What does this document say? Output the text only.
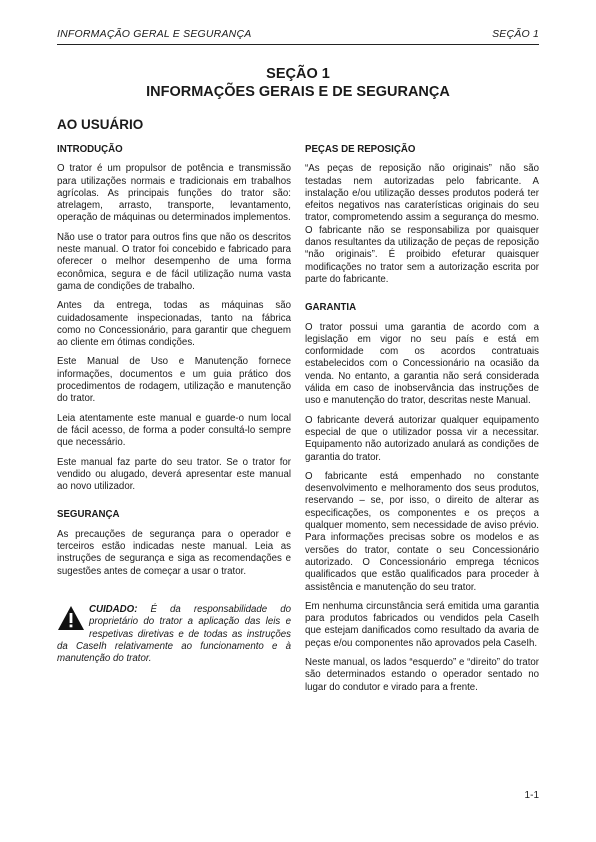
INFORMAÇÃO GERAL E SEGURANÇA	SEÇÃO 1
SEÇÃO 1
INFORMAÇÕES GERAIS E DE SEGURANÇA
AO USUÁRIO
INTRODUÇÃO

O trator é um propulsor de potência e transmissão para utilizações normais e tradicionais em trabalhos agrícolas. As principais funções do trator são: atrelagem, arrasto, transporte, levantamento, operação de máquinas ou determinados implementos.

Não use o trator para outros fins que não os descritos neste manual. O trator foi concebido e fabricado para oferecer o melhor desempenho de uma forma econômica, segura e de fácil utilização numa vasta gama de condições de trabalho.

Antes da entrega, todas as máquinas são cuidadosamente inspecionadas, tanto na fábrica como no Concessionário, para garantir que cheguem ao cliente em ótimas condições.

Este Manual de Uso e Manutenção fornece informações, documentos e um guia prático dos procedimentos de rodagem, utilização e manutenção do trator.

Leia atentamente este manual e guarde-o num local de fácil acesso, de forma a poder consultá-lo sempre que necessário.

Este manual faz parte do seu trator. Se o trator for vendido ou alugado, deverá apresentar este manual ao novo utilizador.

SEGURANÇA

As precauções de segurança para o operador e terceiros estão indicadas neste manual. Leia as instruções de segurança e siga as recomendações e sugestões antes de começar a usar o trator.

CUIDADO: É da responsabilidade do proprietário do trator a aplicação das leis e respetivas diretivas e de todas as instruções da CaseIh relativamente ao funcionamento e à manutenção do trator.
PEÇAS DE REPOSIÇÃO

“As peças de reposição não originais” não são testadas nem autorizadas pelo fabricante. A instalação e/ou utilização desses produtos poderá ter efeitos negativos nas caraterísticas originais do seu trator, comprometendo assim a segurança do mesmo. O fabricante não se responsabiliza por quaisquer danos resultantes da utilização de peças de reposição “não originais”. É proibido efeturar quaisquer modificações no trator sem a autorização escrita por parte do fabricante.

GARANTIA

O trator possui uma garantia de acordo com a legislação em vigor no seu país e está em conformidade com os acordos contratuais estabelecidos com o Concessionário na ocasião da venda. No entanto, a garantia não será considerada válida em caso de inobservância das instruções de uso e manutenção do trator, descritas neste Manual.

O fabricante deverá autorizar qualquer equipamento especial de que o utilizador possa vir a necessitar. Equipamento não autorizado anulará as condições de garantia do trator.

O fabricante está empenhado no constante desenvolvimento e melhoramento dos seus produtos, reservando – se, por isso, o direito de alterar as especificações, os componentes e os preços a qualquer momento, sem necessidade de aviso prévio. Para informações precisas sobre os modelos e as versões do trator, contate o seu Concessionário autorizado. O Concessionário emprega técnicos qualificados que estão qualificados para proceder à assistência e manutenção do seu trator.

Em nenhuma circunstância será emitida uma garantia para produtos fabricados ou vendidos pela CaseIh que estejam danificados como resultado da avaria de peças e/ou componentes não aprovados pela CaseIh.

Neste manual, os lados “esquerdo” e “direito” do trator são determinados estando o operador sentado no lugar do condutor e virado para a frente.

1-1
